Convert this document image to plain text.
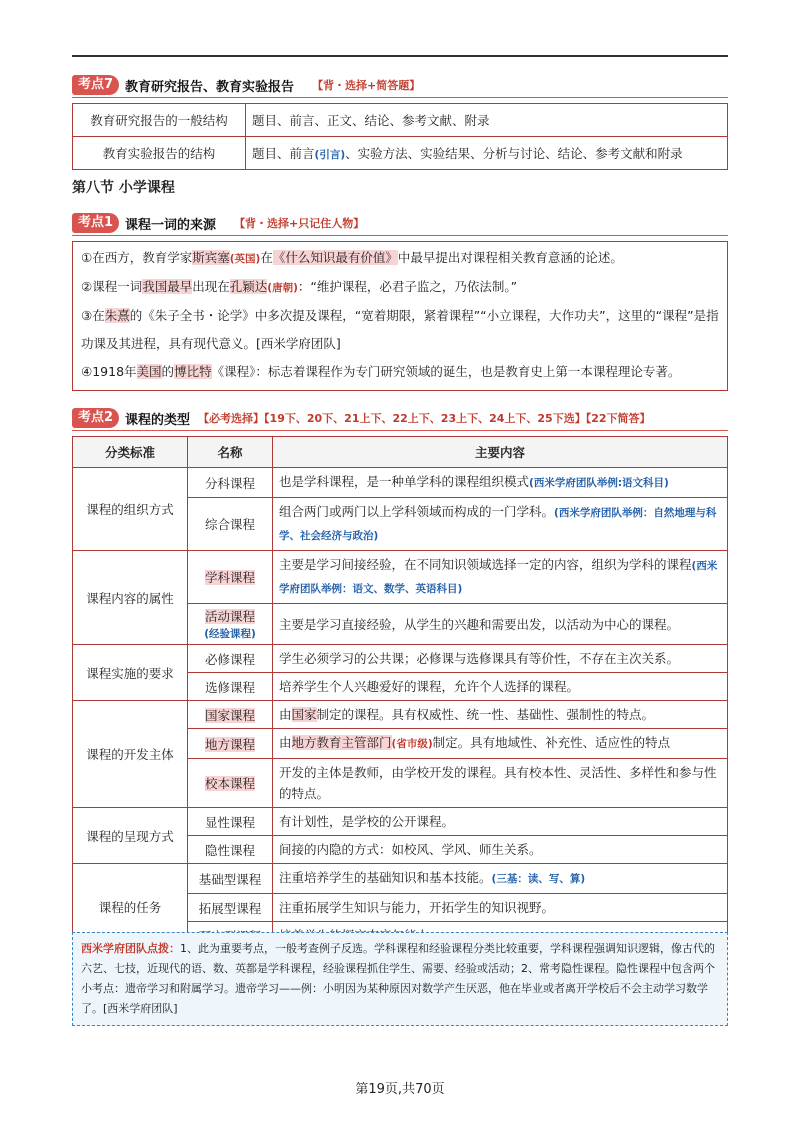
考点7 教育研究报告、教育实验报告 【背・选择+简答题】
教育研究报告的一般结构	题目、前言、正文、结论、参考文献、附录
教育实验报告的结构	题目、前言(引言)、实验方法、实验结果、分析与讨论、结论、参考文献和附录
第八节 小学课程
考点1 课程一词的来源 【背・选择+只记住人物】

①在西方，教育学家斯宾塞(英国)在《什么知识最有价值》中最早提出对课程相关教育意涵的论述。

②课程一词我国最早出现在孔颖达(唐朝)：“维护课程，必君子监之，乃依法制。”

③在朱熹的《朱子全书・论学》中多次提及课程，“宽着期限，紧着课程”“小立课程，大作功夫”，这里的“课程”是指功课及其进程，具有现代意义。[西米学府团队]

④1918年美国的博比特《课程》：标志着课程作为专门研究领域的诞生，也是教育史上第一本课程理论专著。

考点2 课程的类型 【必考选择】【19下、20下、21上下、22上下、23上下、24上下、25下选】【22下简答】
分类标准	名称	主要内容
课程的组织方式	分科课程	也是学科课程，是一种单学科的课程组织模式(西米学府团队举例:语文科目)
	综合课程	组合两门或两门以上学科领域而构成的一门学科。(西米学府团队举例：自然地理与科学、社会经济与政治)
课程内容的属性	学科课程	主要是学习间接经验，在不同知识领域选择一定的内容，组织为学科的课程(西米学府团队举例：语文、数学、英语科目)
	活动课程
(经验课程)	主要是学习直接经验，从学生的兴趣和需要出发，以活动为中心的课程。
课程实施的要求	必修课程	学生必须学习的公共课；必修课与选修课具有等价性，不存在主次关系。
	选修课程	培养学生个人兴趣爱好的课程，允许个人选择的课程。
课程的开发主体	国家课程	由国家制定的课程。具有权威性、统一性、基础性、强制性的特点。
	地方课程	由地方教育主管部门(省市级)制定。具有地域性、补充性、适应性的特点
	校本课程	开发的主体是教师，由学校开发的课程。具有校本性、灵活性、多样性和参与性的特点。
课程的呈现方式	显性课程	有计划性，是学校的公开课程。
	隐性课程	间接的内隐的方式：如校风、学风、师生关系。
课程的任务	基础型课程	注重培养学生的基础知识和基本技能。(三基：读、写、算)
	拓展型课程	注重拓展学生知识与能力，开拓学生的知识视野。

西米学府团队点拨：1、此为重要考点，一般考查例子反选。学科课程和经验课程分类比较重要，学科课程强调知识逻辑，像古代的六艺、七技，近现代的语、数、英都是学科课程，经验课程抓住学生、需要、经验或活动；2、常考隐性课程。隐性课程中包含两个小考点：遗帝学习和附属学习。遗帝学习——例：小明因为某种原因对数学产生厌恶，他在毕业或者离开学校后不会主动学习数学了。[西米学府团队]
第19页,共70页
